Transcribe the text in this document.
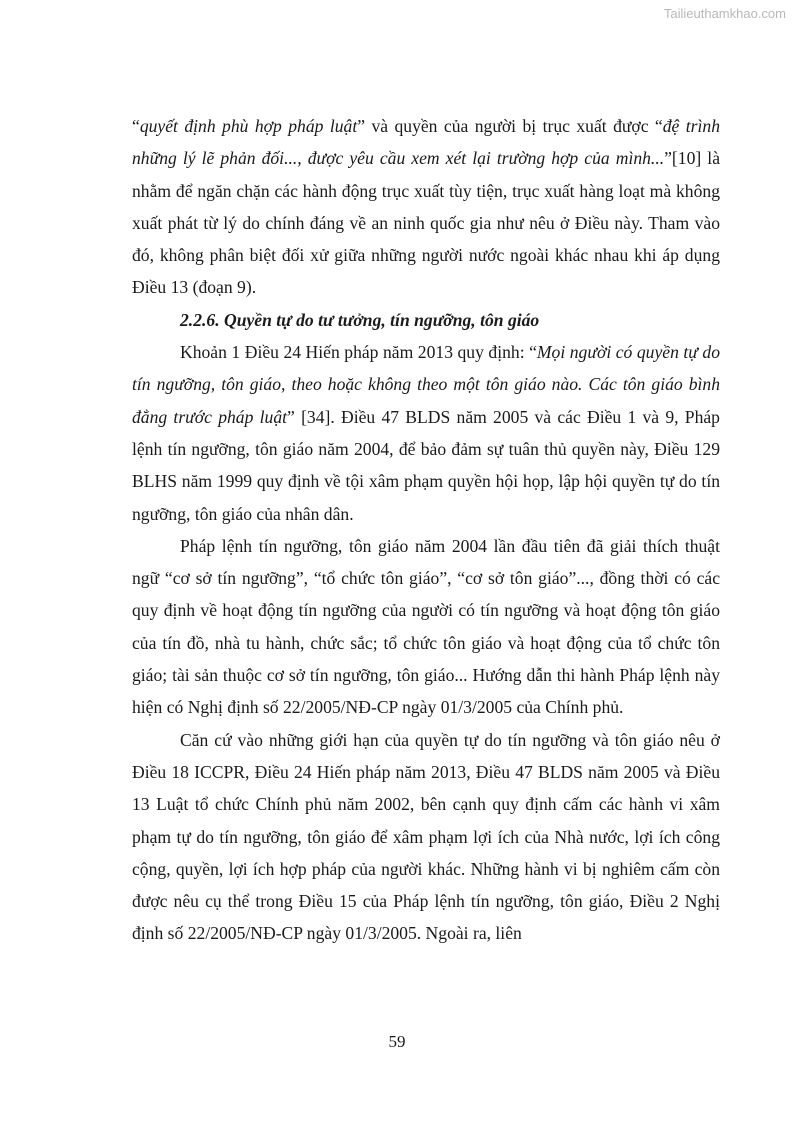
Tailieuthamkhao.com

“quyết định phù hợp pháp luật” và quyền của người bị trục xuất được “đệ trình những lý lẽ phản đối..., được yêu cầu xem xét lại trường hợp của mình...”[10] là nhằm để ngăn chặn các hành động trục xuất tùy tiện, trục xuất hàng loạt mà không xuất phát từ lý do chính đáng về an ninh quốc gia như nêu ở Điều này. Tham vào đó, không phân biệt đối xử giữa những người nước ngoài khác nhau khi áp dụng Điều 13 (đoạn 9).

2.2.6. Quyền tự do tư tưởng, tín ngưỡng, tôn giáo

Khoản 1 Điều 24 Hiến pháp năm 2013 quy định: “Mọi người có quyền tự do tín ngưỡng, tôn giáo, theo hoặc không theo một tôn giáo nào. Các tôn giáo bình đẳng trước pháp luật” [34]. Điều 47 BLDS năm 2005 và các Điều 1 và 9, Pháp lệnh tín ngưỡng, tôn giáo năm 2004, để bảo đảm sự tuân thủ quyền này, Điều 129 BLHS năm 1999 quy định về tội xâm phạm quyền hội họp, lập hội quyền tự do tín ngưỡng, tôn giáo của nhân dân.

Pháp lệnh tín ngưỡng, tôn giáo năm 2004 lần đầu tiên đã giải thích thuật ngữ “cơ sở tín ngưỡng”, “tổ chức tôn giáo”, “cơ sở tôn giáo”..., đồng thời có các quy định về hoạt động tín ngưỡng của người có tín ngưỡng và hoạt động tôn giáo của tín đồ, nhà tu hành, chức sắc; tổ chức tôn giáo và hoạt động của tổ chức tôn giáo; tài sản thuộc cơ sở tín ngưỡng, tôn giáo... Hướng dẫn thi hành Pháp lệnh này hiện có Nghị định số 22/2005/NĐ-CP ngày 01/3/2005 của Chính phủ.

Căn cứ vào những giới hạn của quyền tự do tín ngưỡng và tôn giáo nêu ở Điều 18 ICCPR, Điều 24 Hiến pháp năm 2013, Điều 47 BLDS năm 2005 và Điều 13 Luật tổ chức Chính phủ năm 2002, bên cạnh quy định cấm các hành vi xâm phạm tự do tín ngưỡng, tôn giáo để xâm phạm lợi ích của Nhà nước, lợi ích công cộng, quyền, lợi ích hợp pháp của người khác. Những hành vi bị nghiêm cấm còn được nêu cụ thể trong Điều 15 của Pháp lệnh tín ngưỡng, tôn giáo, Điều 2 Nghị định số 22/2005/NĐ-CP ngày 01/3/2005. Ngoài ra, liên

59
